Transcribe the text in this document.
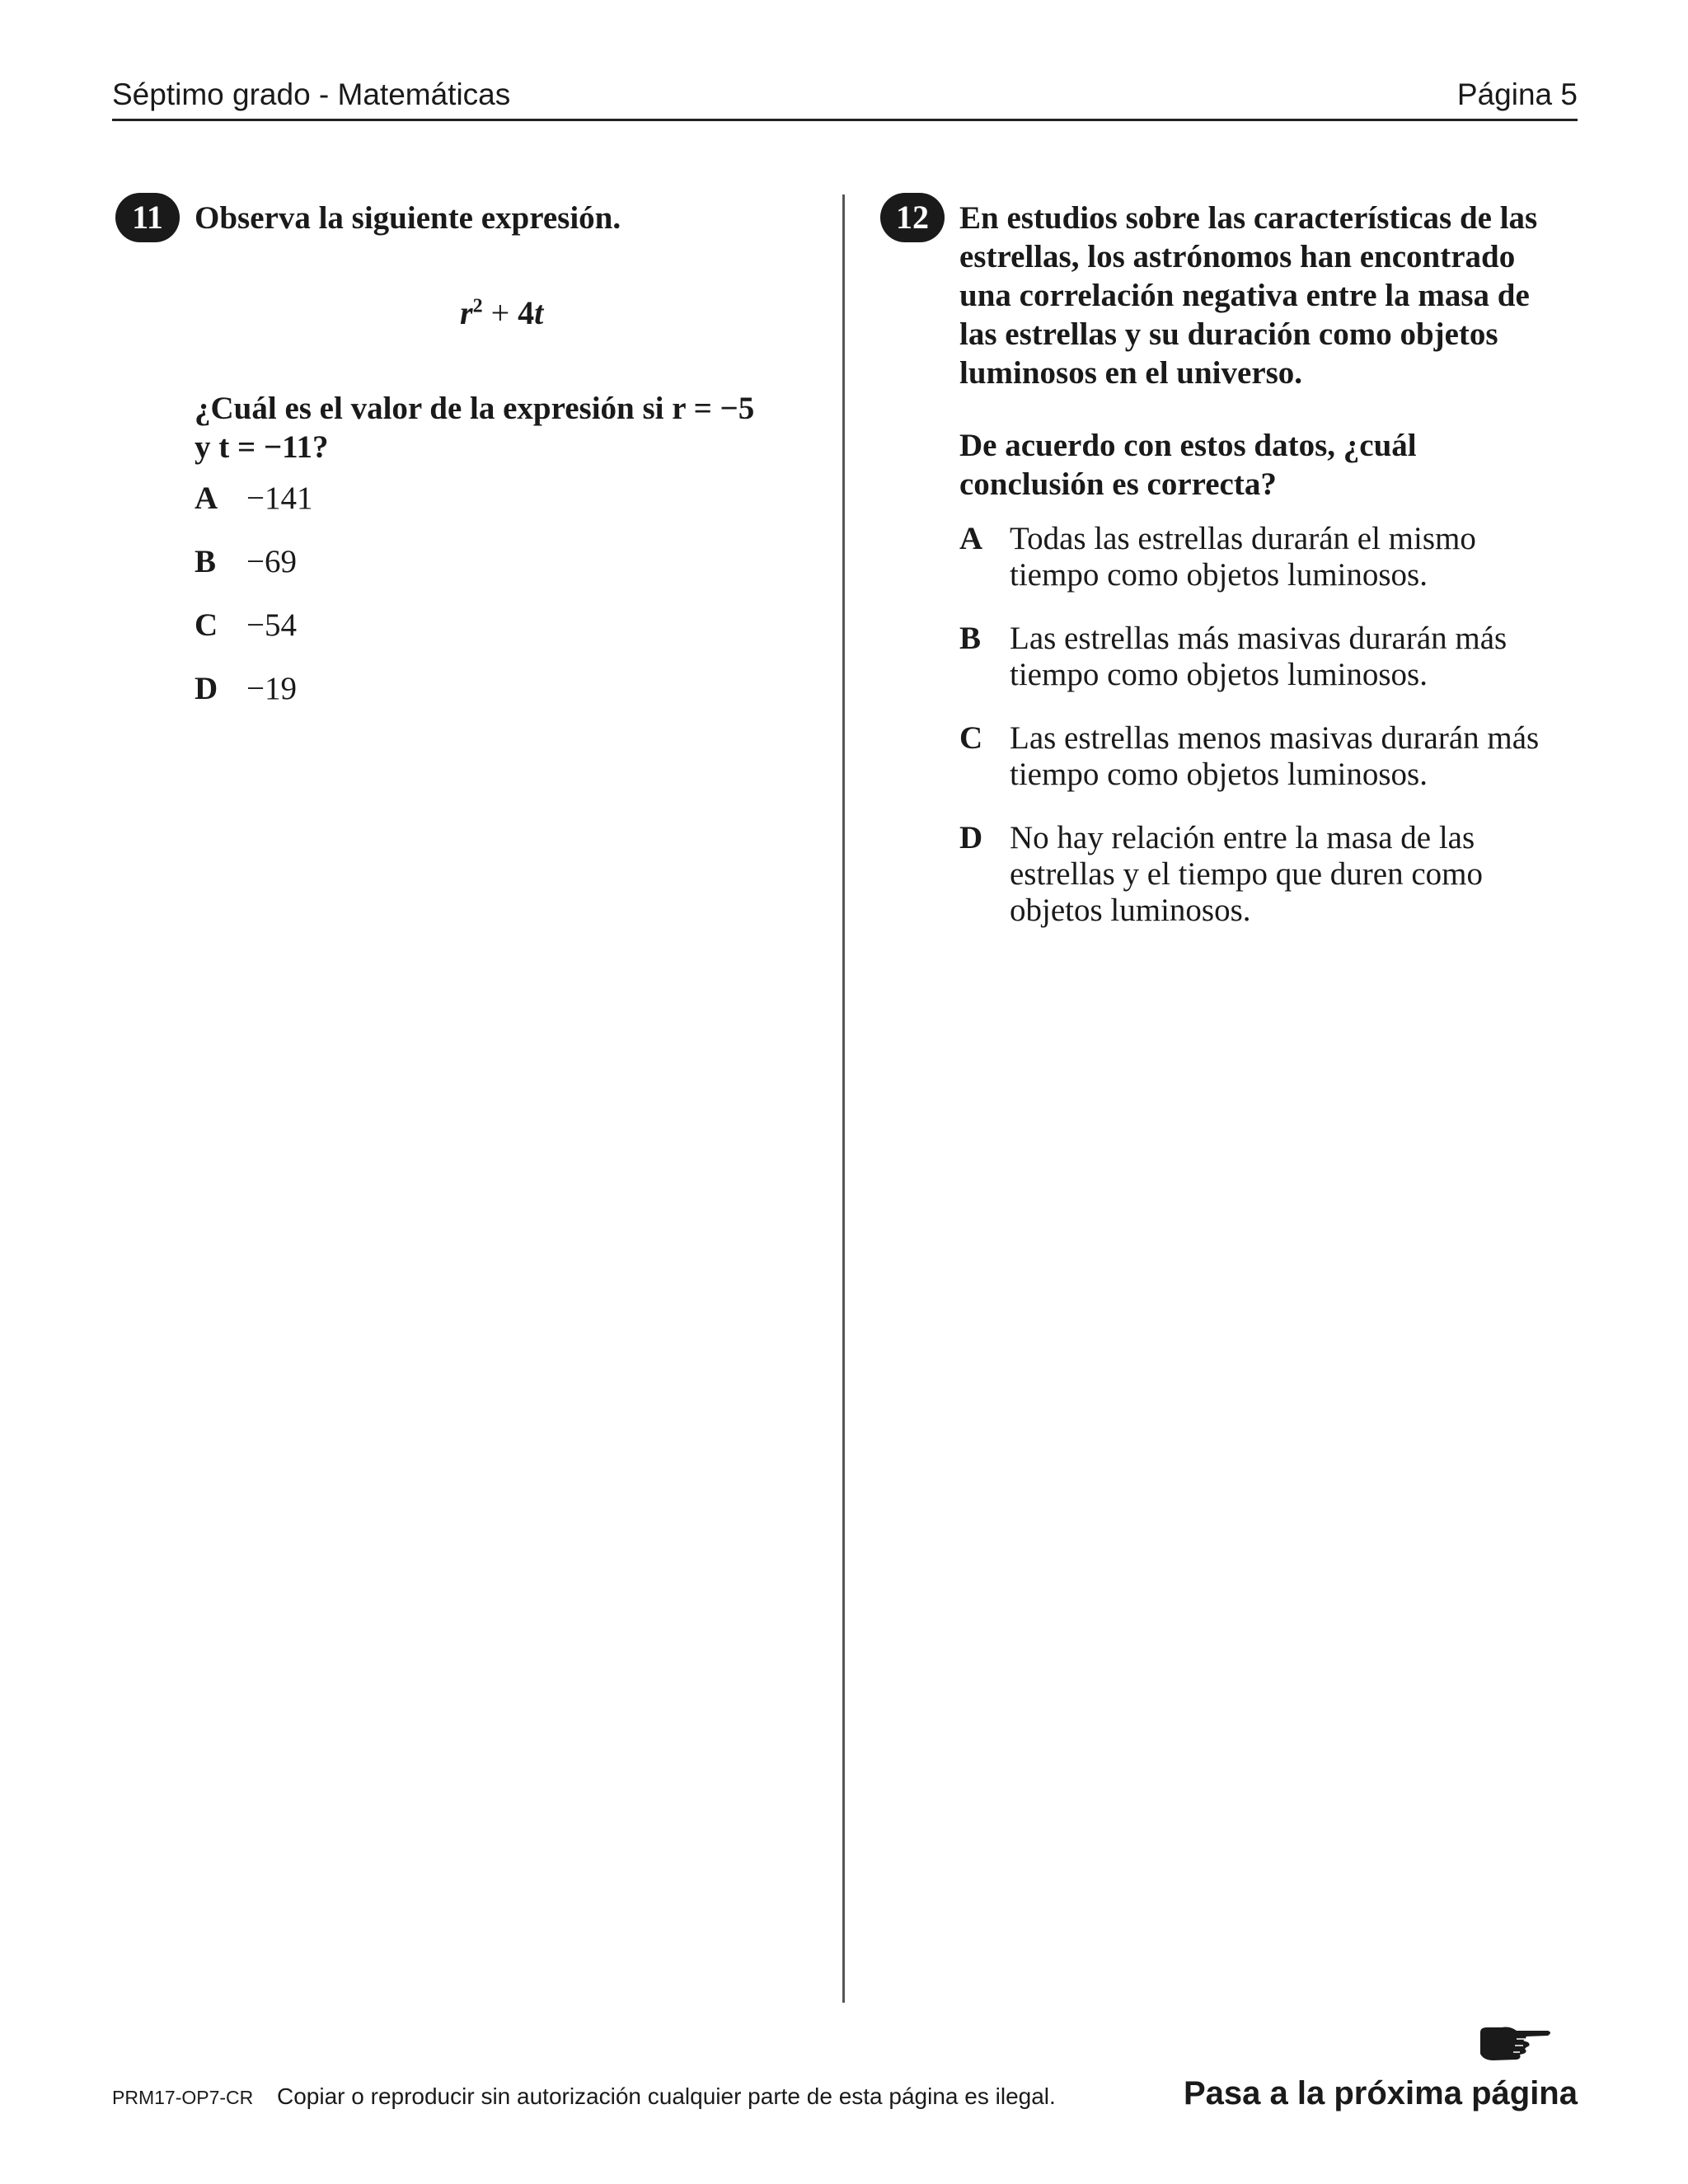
Séptimo grado - Matemáticas	Página 5
11 Observa la siguiente expresión.
$r^2 + 4t$
¿Cuál es el valor de la expresión si r = −5
y t = −11?
A −141
B −69
C −54
D −19
12 En estudios sobre las características de las
estrellas, los astrónomos han encontrado
una correlación negativa entre la masa de
las estrellas y su duración como objetos
luminosos en el universo.
De acuerdo con estos datos, ¿cuál
conclusión es correcta?
A Todas las estrellas durarán el mismo
tiempo como objetos luminosos.
B Las estrellas más masivas durarán más
tiempo como objetos luminosos.
C Las estrellas menos masivas durarán más
tiempo como objetos luminosos.
D No hay relación entre la masa de las
estrellas y el tiempo que duren como
objetos luminosos.
PRM17-OP7-CR Copiar o reproducir sin autorización cualquier parte de esta página es ilegal.	Pasa a la próxima página
